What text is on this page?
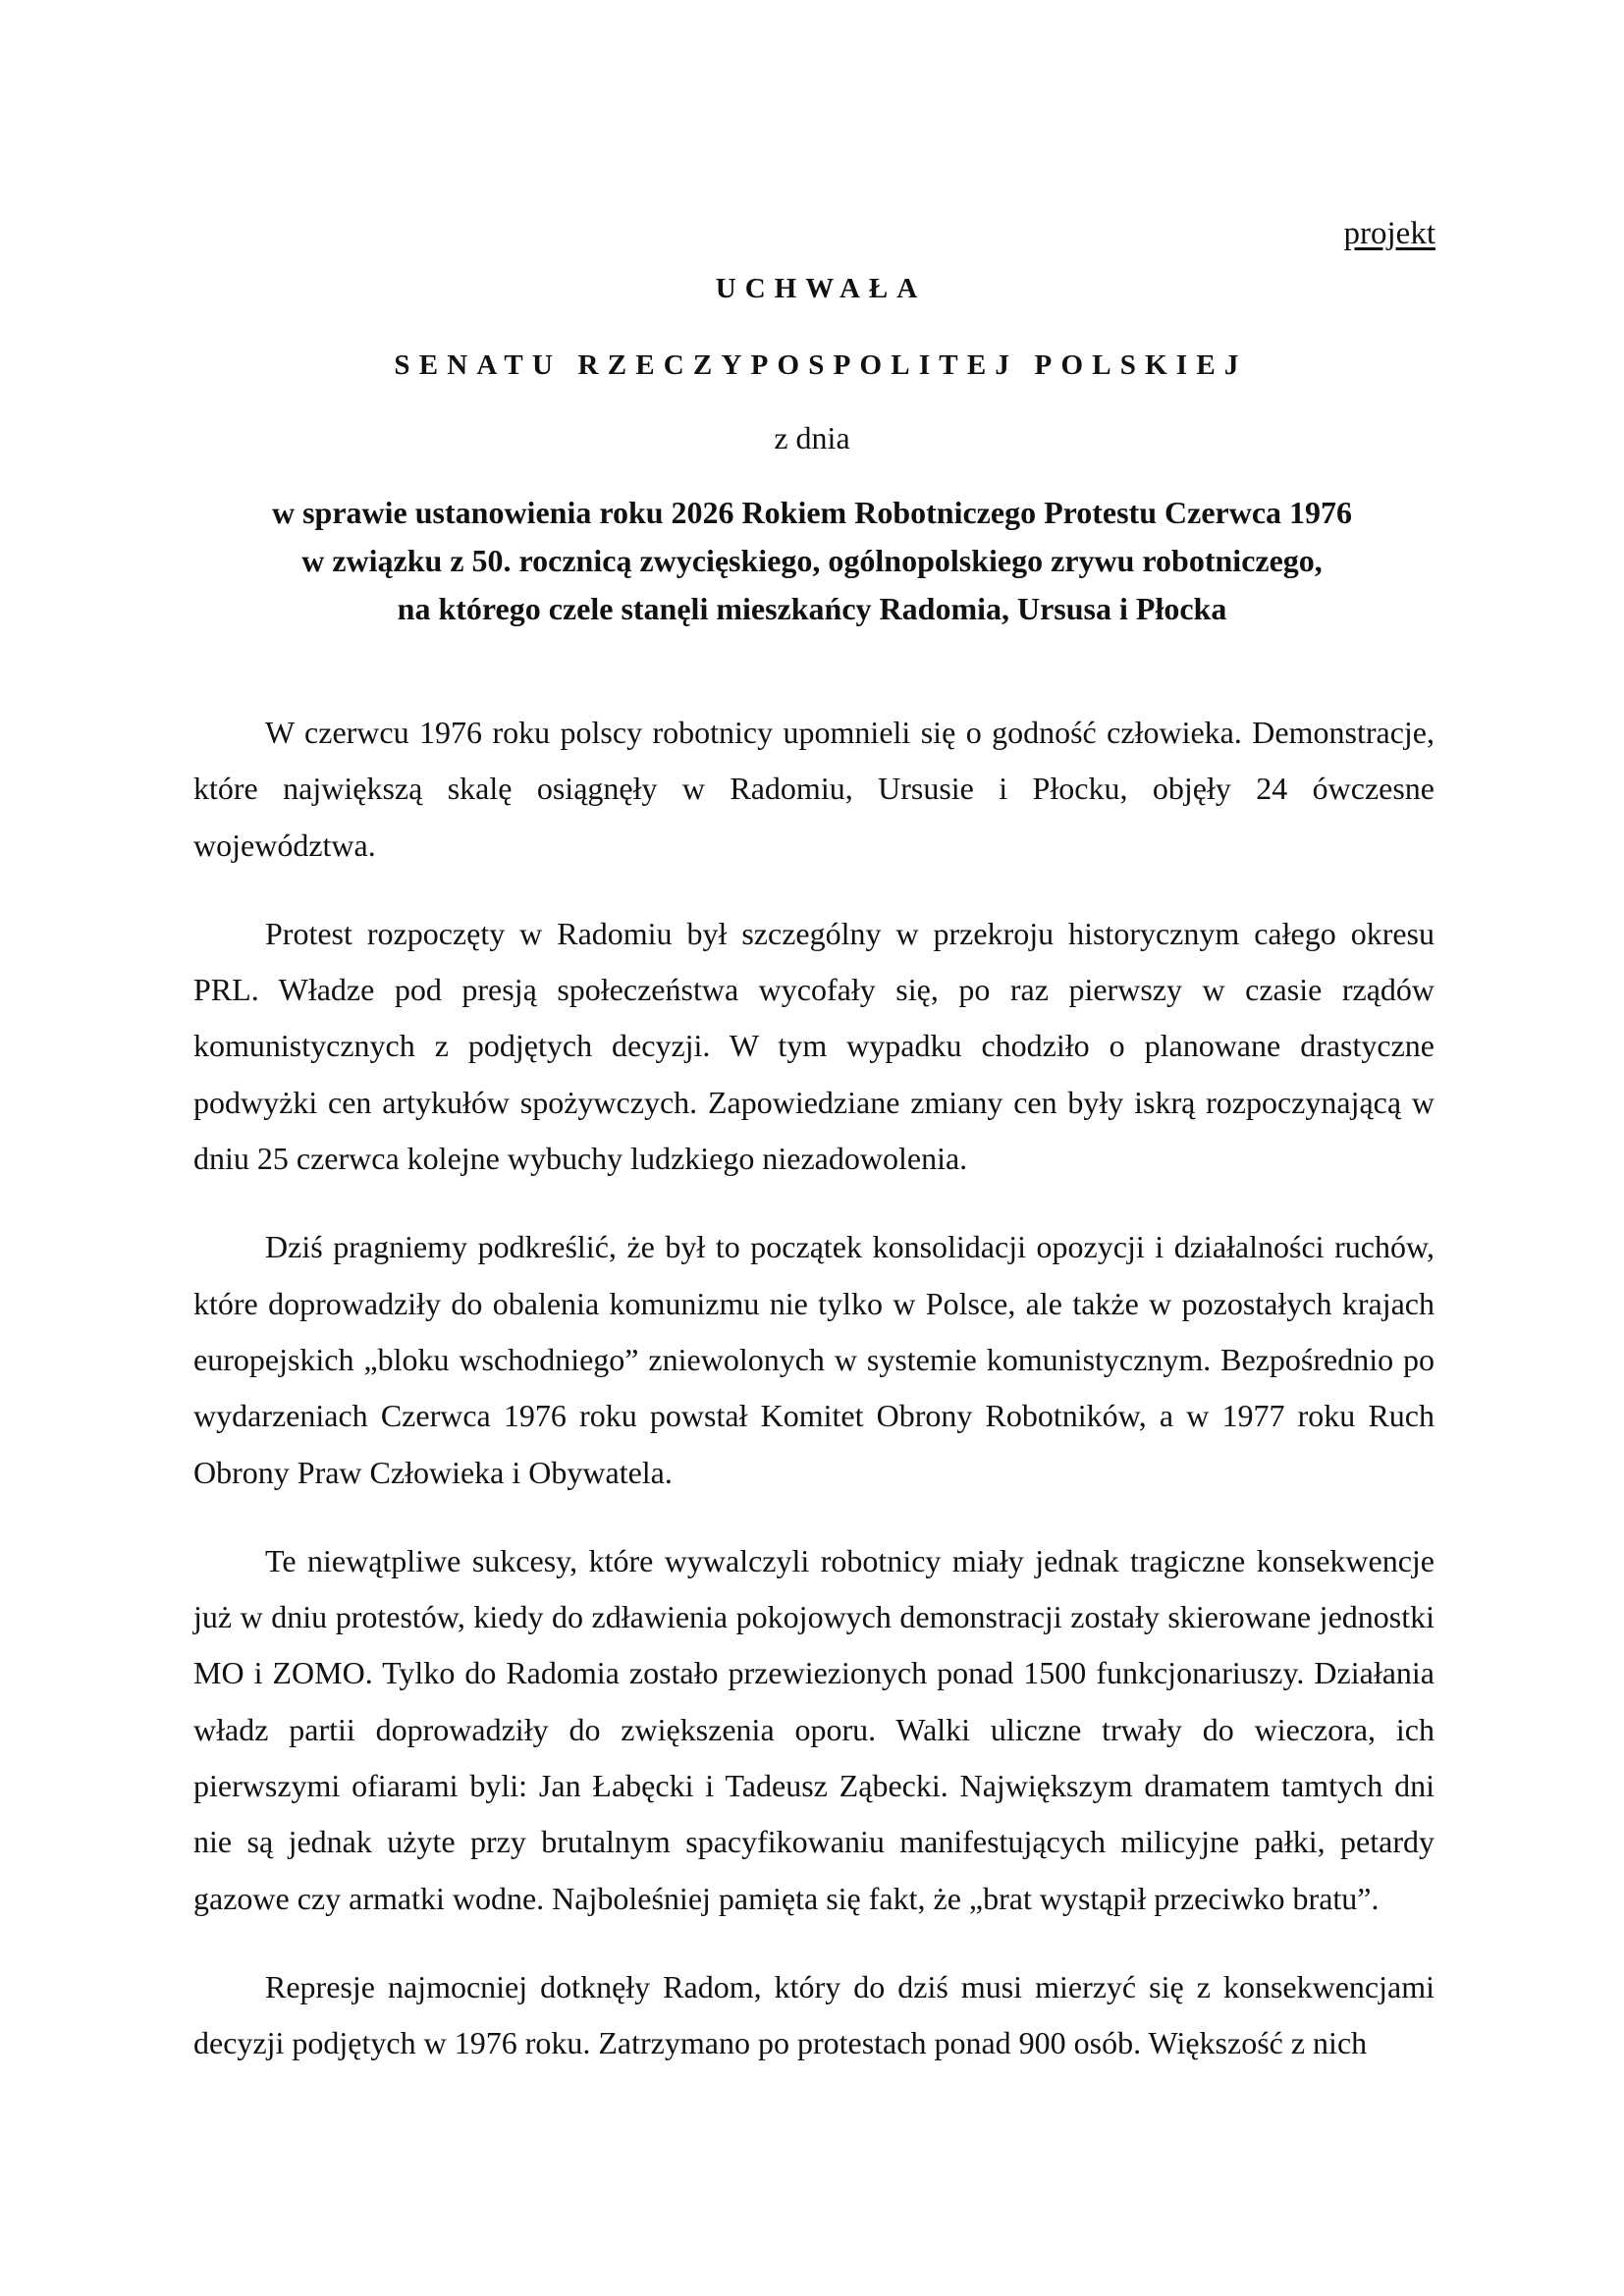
projekt
UCHWAŁA
SENATU RZECZYPOSPOLITEJ POLSKIEJ
z dnia
w sprawie ustanowienia roku 2026 Rokiem Robotniczego Protestu Czerwca 1976
w związku z 50. rocznicą zwycięskiego, ogólnopolskiego zrywu robotniczego,
na którego czele stanęli mieszkańcy Radomia, Ursusa i Płocka

W czerwcu 1976 roku polscy robotnicy upomnieli się o godność człowieka. Demonstracje, które największą skalę osiągnęły w Radomiu, Ursusie i Płocku, objęły 24 ówczesne województwa.

Protest rozpoczęty w Radomiu był szczególny w przekroju historycznym całego okresu PRL. Władze pod presją społeczeństwa wycofały się, po raz pierwszy w czasie rządów komunistycznych z podjętych decyzji. W tym wypadku chodziło o planowane drastyczne podwyżki cen artykułów spożywczych. Zapowiedziane zmiany cen były iskrą rozpoczynającą w dniu 25 czerwca kolejne wybuchy ludzkiego niezadowolenia.

Dziś pragniemy podkreślić, że był to początek konsolidacji opozycji i działalności ruchów, które doprowadziły do obalenia komunizmu nie tylko w Polsce, ale także w pozostałych krajach europejskich „bloku wschodniego” zniewolonych w systemie komunistycznym. Bezpośrednio po wydarzeniach Czerwca 1976 roku powstał Komitet Obrony Robotników, a w 1977 roku Ruch Obrony Praw Człowieka i Obywatela.

Te niewątpliwe sukcesy, które wywalczyli robotnicy miały jednak tragiczne konsekwencje już w dniu protestów, kiedy do zdławienia pokojowych demonstracji zostały skierowane jednostki MO i ZOMO. Tylko do Radomia zostało przewiezionych ponad 1500 funkcjonariuszy. Działania władz partii doprowadziły do zwiększenia oporu. Walki uliczne trwały do wieczora, ich pierwszymi ofiarami byli: Jan Łabęcki i Tadeusz Ząbecki. Największym dramatem tamtych dni nie są jednak użyte przy brutalnym spacyfikowaniu manifestujących milicyjne pałki, petardy gazowe czy armatki wodne. Najboleśniej pamięta się fakt, że „brat wystąpił przeciwko bratu”.

Represje najmocniej dotknęły Radom, który do dziś musi mierzyć się z konsekwencjami decyzji podjętych w 1976 roku. Zatrzymano po protestach ponad 900 osób. Większość z nich
